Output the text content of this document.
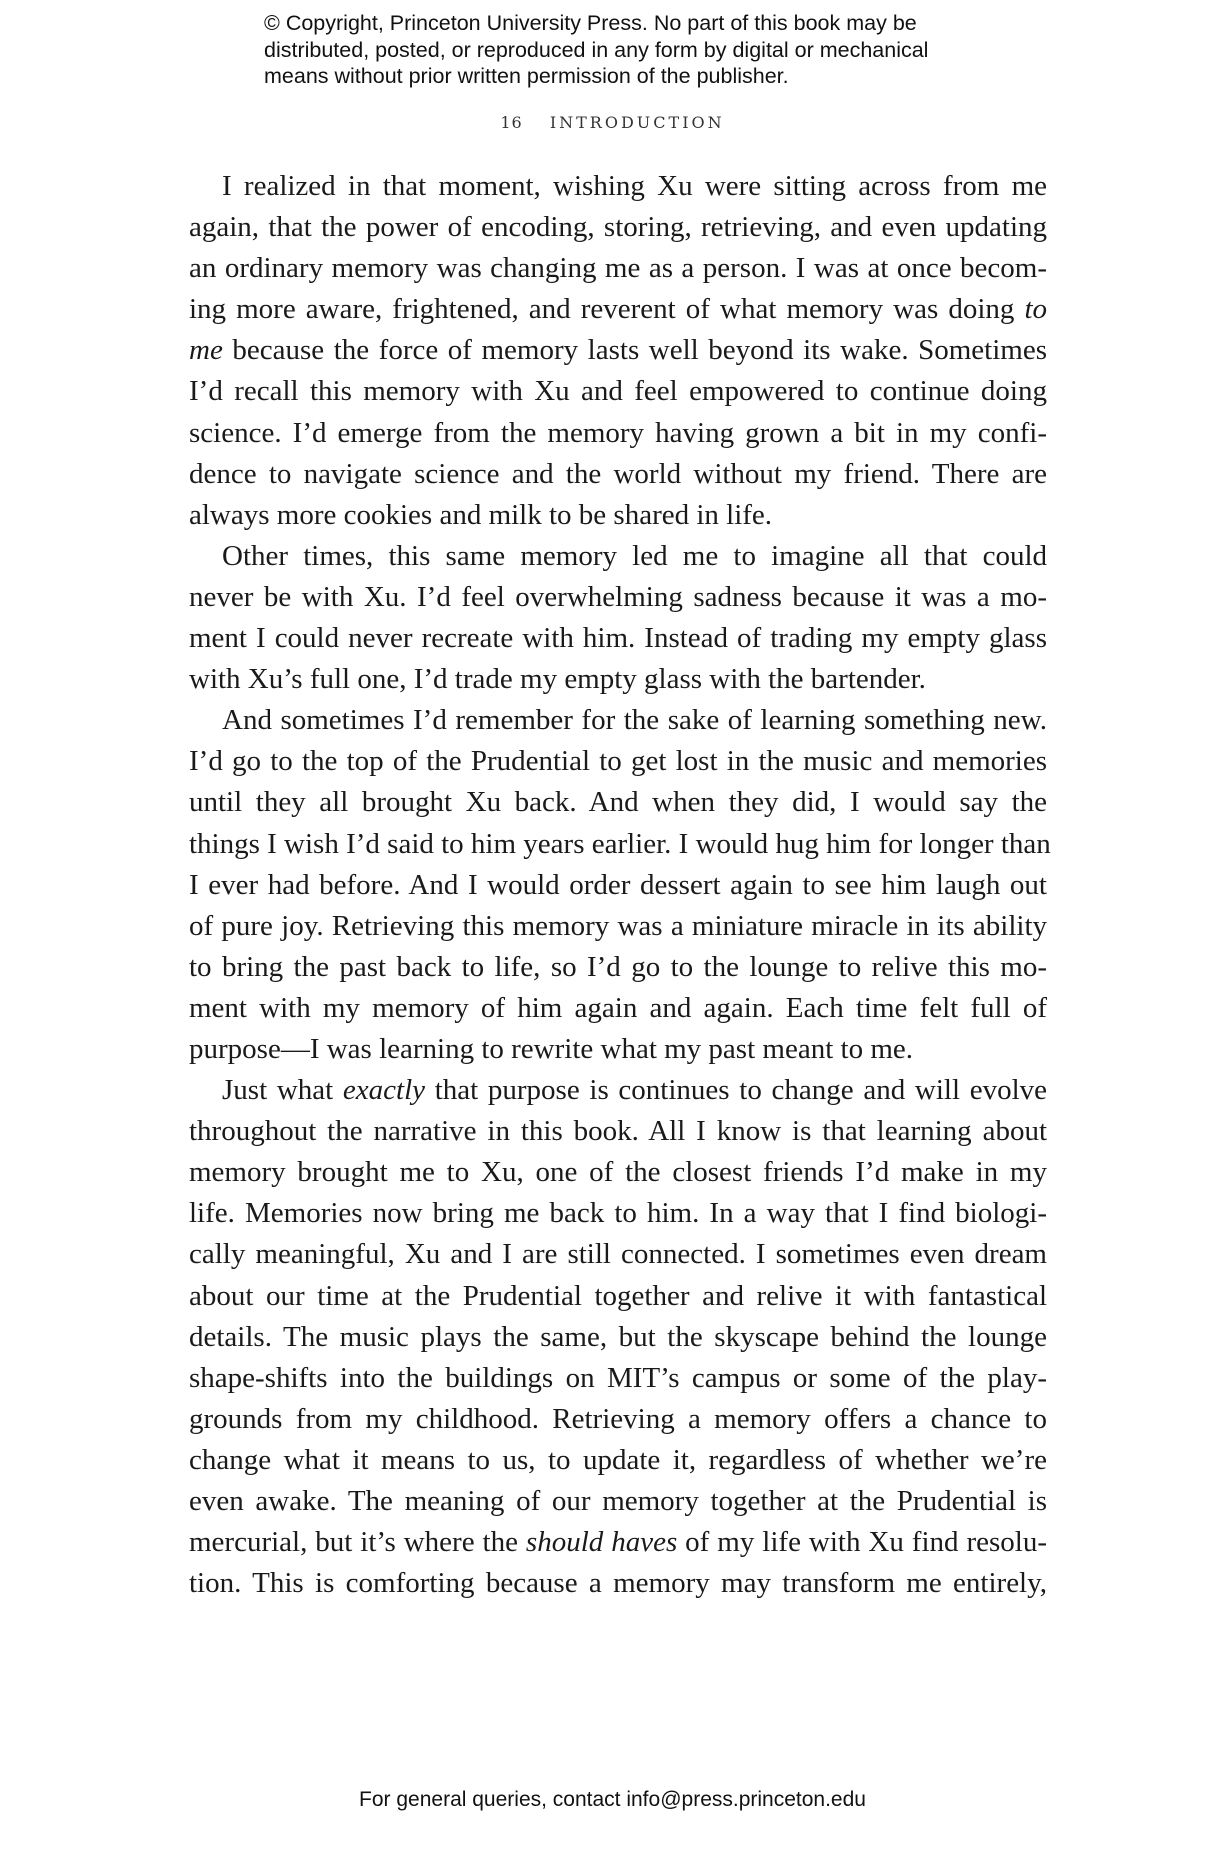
© Copyright, Princeton University Press. No part of this book may be
distributed, posted, or reproduced in any form by digital or mechanical
means without prior written permission of the publisher.
16 INTRODUCTION
I realized in that moment, wishing Xu were sitting across from me
again, that the power of encoding, storing, retrieving, and even updating
an ordinary memory was changing me as a person. I was at once becom-
ing more aware, frightened, and reverent of what memory was doing to
me because the force of memory lasts well beyond its wake. Sometimes
I’d recall this memory with Xu and feel empowered to continue doing
science. I’d emerge from the memory having grown a bit in my confi-
dence to navigate science and the world without my friend. There are
always more cookies and milk to be shared in life.
Other times, this same memory led me to imagine all that could
never be with Xu. I’d feel overwhelming sadness because it was a mo-
ment I could never recreate with him. Instead of trading my empty glass
with Xu’s full one, I’d trade my empty glass with the bartender.
And sometimes I’d remember for the sake of learning something new.
I’d go to the top of the Prudential to get lost in the music and memories
until they all brought Xu back. And when they did, I would say the
things I wish I’d said to him years earlier. I would hug him for longer than
I ever had before. And I would order dessert again to see him laugh out
of pure joy. Retrieving this memory was a miniature miracle in its ability
to bring the past back to life, so I’d go to the lounge to relive this mo-
ment with my memory of him again and again. Each time felt full of
purpose—I was learning to rewrite what my past meant to me.
Just what exactly that purpose is continues to change and will evolve
throughout the narrative in this book. All I know is that learning about
memory brought me to Xu, one of the closest friends I’d make in my
life. Memories now bring me back to him. In a way that I find biologi-
cally meaningful, Xu and I are still connected. I sometimes even dream
about our time at the Prudential together and relive it with fantastical
details. The music plays the same, but the skyscape behind the lounge
shape-shifts into the buildings on MIT’s campus or some of the play-
grounds from my childhood. Retrieving a memory offers a chance to
change what it means to us, to update it, regardless of whether we’re
even awake. The meaning of our memory together at the Prudential is
mercurial, but it’s where the should haves of my life with Xu find resolu-
tion. This is comforting because a memory may transform me entirely,
For general queries, contact info@press.princeton.edu
